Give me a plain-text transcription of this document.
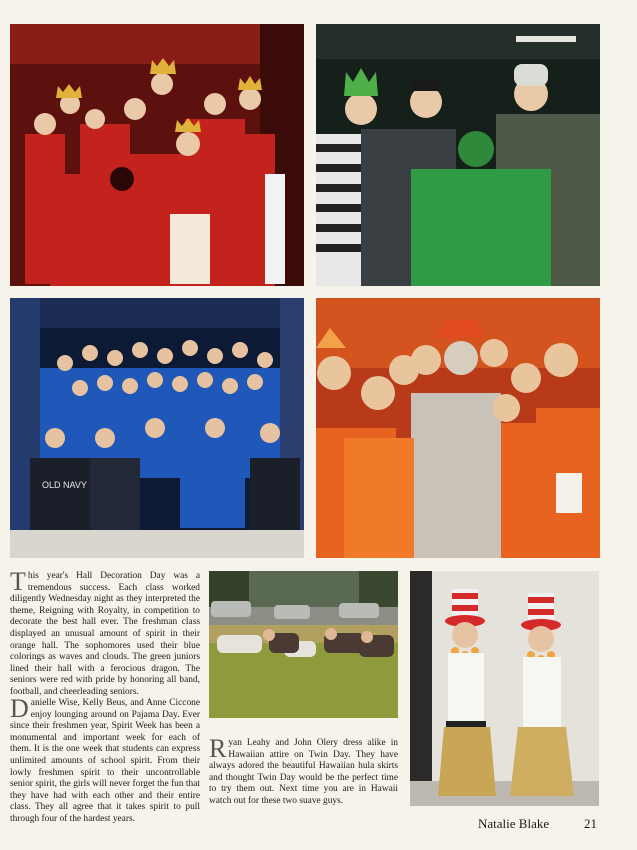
OLD NAVY

This year's Hall Decoration Day was a tremendous success. Each class worked diligently Wednesday night as they interpreted the theme, Reigning with Royalty, in competition to decorate the best hall ever. The freshman class displayed an unusual amount of spirit in their orange hall. The sophomores used their blue colorings as waves and clouds. The green juniors lined their hall with a ferocious dragon. The seniors were red with pride by honoring all band, football, and cheerleading seniors.

Danielle Wise, Kelly Beus, and Anne Ciccone enjoy lounging around on Pajama Day. Ever since their freshmen year, Spirit Week has been a monumental and important week for each of them. It is the one week that students can express unlimited amounts of school spirit. From their lowly freshmen spirit to their uncontrollable senior spirit, the girls will never forget the fun that they have had with each other and their entire class. They all agree that it takes spirit to pull through four of the hardest years.

Ryan Leahy and John Olery dress alike in Hawaiian attire on Twin Day. They have always adored the beautiful Hawaiian hula skirts and thought Twin Day would be the perfect time to try them out. Next time you are in Hawaii watch out for these two suave guys.

Natalie Blake	21
